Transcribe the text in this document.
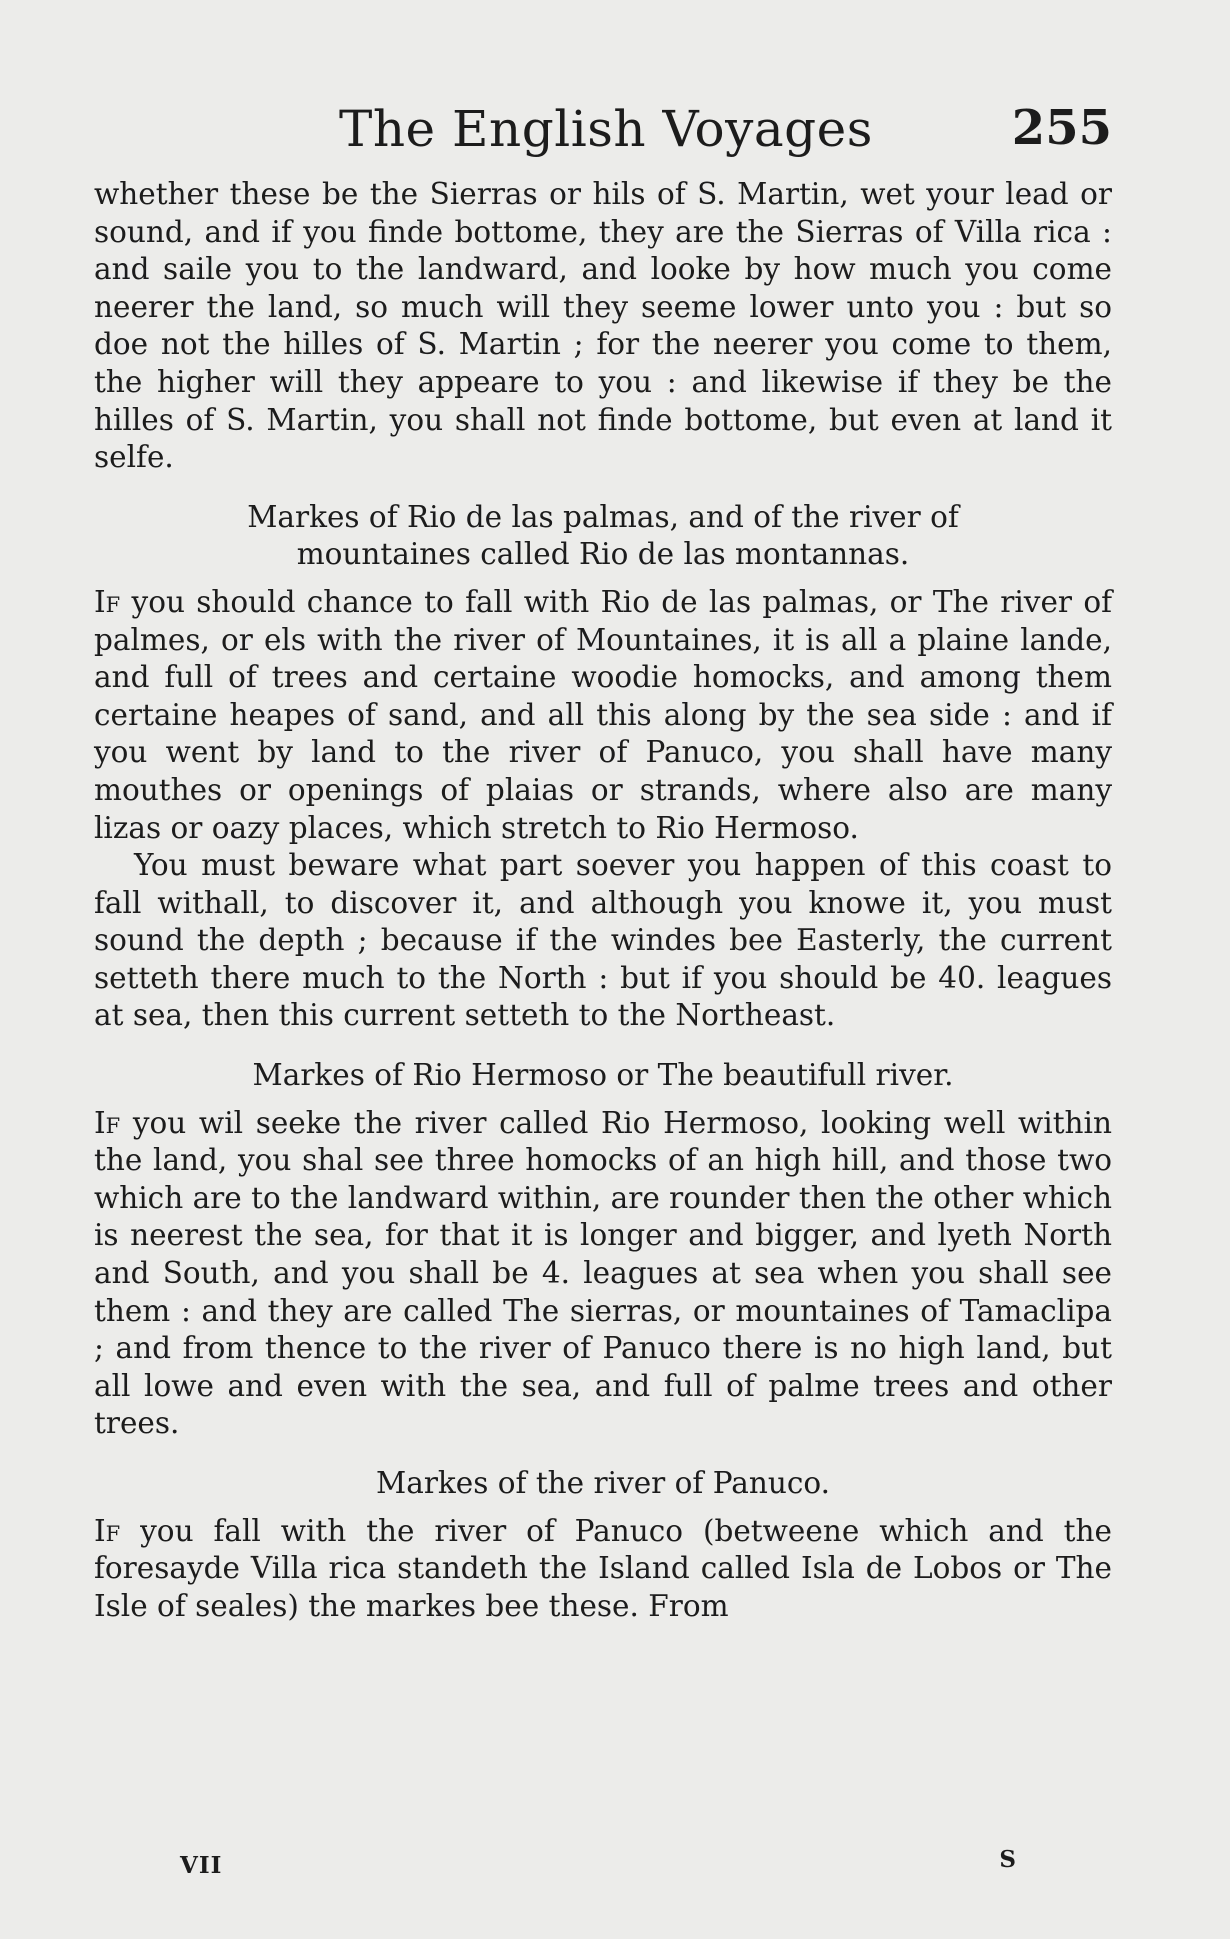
The English Voyages	255

whether these be the Sierras or hils of S. Martin, wet your lead or sound, and if you finde bottome, they are the Sierras of Villa rica : and saile you to the landward, and looke by how much you come neerer the land, so much will they seeme lower unto you : but so doe not the hilles of S. Martin ; for the neerer you come to them, the higher will they appeare to you : and likewise if they be the hilles of S. Martin, you shall not finde bottome, but even at land it selfe.

Markes of Rio de las palmas, and of the river of
mountaines called Rio de las montannas.

If you should chance to fall with Rio de las palmas, or The river of palmes, or els with the river of Mountaines, it is all a plaine lande, and full of trees and certaine woodie homocks, and among them certaine heapes of sand, and all this along by the sea side : and if you went by land to the river of Panuco, you shall have many mouthes or openings of plaias or strands, where also are many lizas or oazy places, which stretch to Rio Hermoso.

You must beware what part soever you happen of this coast to fall withall, to discover it, and although you knowe it, you must sound the depth ; because if the windes bee Easterly, the current setteth there much to the North : but if you should be 40. leagues at sea, then this current setteth to the Northeast.

Markes of Rio Hermoso or The beautifull river.

If you wil seeke the river called Rio Hermoso, looking well within the land, you shal see three homocks of an high hill, and those two which are to the landward within, are rounder then the other which is neerest the sea, for that it is longer and bigger, and lyeth North and South, and you shall be 4. leagues at sea when you shall see them : and they are called The sierras, or mountaines of Tamaclipa ; and from thence to the river of Panuco there is no high land, but all lowe and even with the sea, and full of palme trees and other trees.

Markes of the river of Panuco.

If you fall with the river of Panuco (betweene which and the foresayde Villa rica standeth the Island called Isla de Lobos or The Isle of seales) the markes bee these. From

VII	S
